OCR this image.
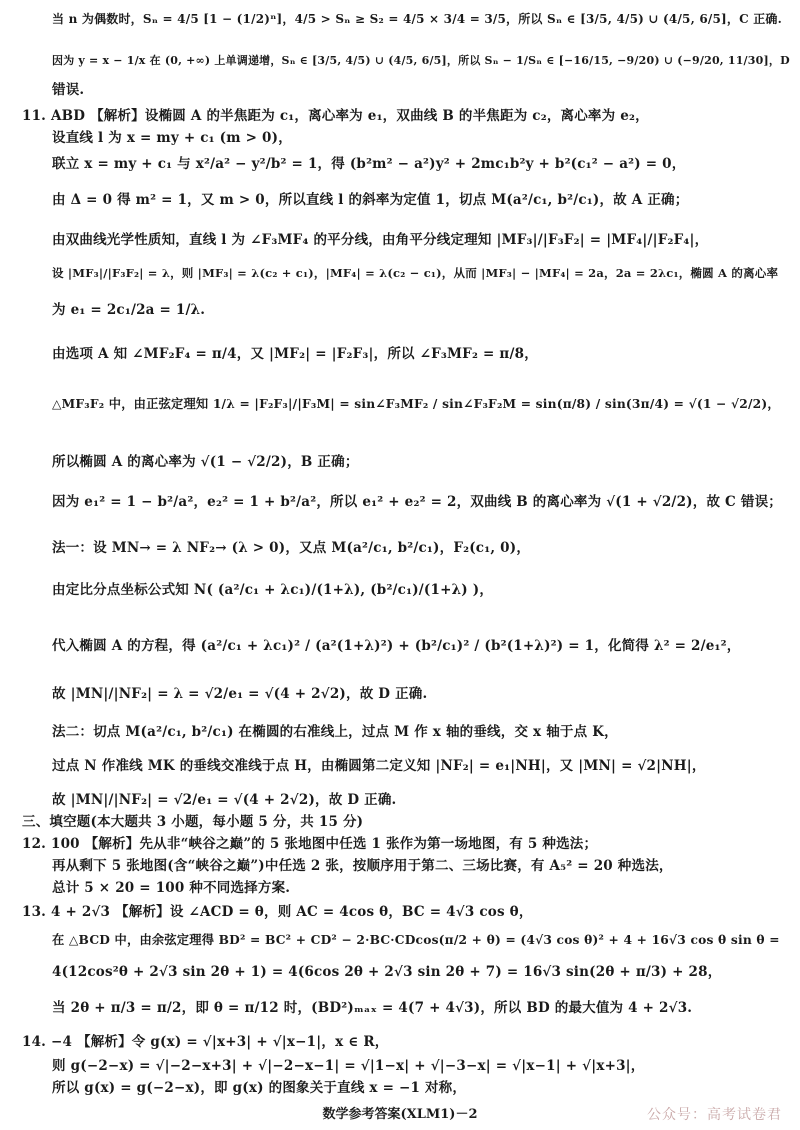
当 n 为偶数时，Sₙ = 4/5 [1 − (1/2)ⁿ]，4/5 > Sₙ ≥ S₂ = 4/5 × 3/4 = 3/5，所以 Sₙ ∈ [3/5, 4/5) ∪ (4/5, 6/5]，C 正确.
因为 y = x − 1/x 在 (0, +∞) 上单调递增，Sₙ ∈ [3/5, 4/5) ∪ (4/5, 6/5]，所以 Sₙ − 1/Sₙ ∈ [−16/15, −9/20) ∪ (−9/20, 11/30]，D
错误.
11. ABD 【解析】设椭圆 A 的半焦距为 c₁，离心率为 e₁，双曲线 B 的半焦距为 c₂，离心率为 e₂，
设直线 l 为 x = my + c₁ (m > 0)，
联立 x = my + c₁ 与 x²/a² − y²/b² = 1，得 (b²m² − a²)y² + 2mc₁b²y + b²(c₁² − a²) = 0，
由 Δ = 0 得 m² = 1，又 m > 0，所以直线 l 的斜率为定值 1，切点 M(a²/c₁, b²/c₁)，故 A 正确；
由双曲线光学性质知，直线 l 为 ∠F₃MF₄ 的平分线，由角平分线定理知 |MF₃|/|F₃F₂| = |MF₄|/|F₂F₄|，
设 |MF₃|/|F₃F₂| = λ，则 |MF₃| = λ(c₂ + c₁)，|MF₄| = λ(c₂ − c₁)，从而 |MF₃| − |MF₄| = 2a，2a = 2λc₁，椭圆 A 的离心率
为 e₁ = 2c₁/2a = 1/λ.
由选项 A 知 ∠MF₂F₄ = π/4，又 |MF₂| = |F₂F₃|，所以 ∠F₃MF₂ = π/8，
△MF₃F₂ 中，由正弦定理知 1/λ = |F₂F₃|/|F₃M| = sin∠F₃MF₂ / sin∠F₃F₂M = sin(π/8) / sin(3π/4) = √(1 − √2/2)，
所以椭圆 A 的离心率为 √(1 − √2/2)，B 正确；
因为 e₁² = 1 − b²/a²，e₂² = 1 + b²/a²，所以 e₁² + e₂² = 2，双曲线 B 的离心率为 √(1 + √2/2)，故 C 错误；
法一：设 MN→ = λ NF₂→ (λ > 0)，又点 M(a²/c₁, b²/c₁)，F₂(c₁, 0)，
由定比分点坐标公式知 N( (a²/c₁ + λc₁)/(1+λ), (b²/c₁)/(1+λ) )，
代入椭圆 A 的方程，得 (a²/c₁ + λc₁)² / (a²(1+λ)²) + (b²/c₁)² / (b²(1+λ)²) = 1，化简得 λ² = 2/e₁²，
故 |MN|/|NF₂| = λ = √2/e₁ = √(4 + 2√2)，故 D 正确.
法二：切点 M(a²/c₁, b²/c₁) 在椭圆的右准线上，过点 M 作 x 轴的垂线，交 x 轴于点 K，
过点 N 作准线 MK 的垂线交准线于点 H，由椭圆第二定义知 |NF₂| = e₁|NH|，又 |MN| = √2|NH|，
故 |MN|/|NF₂| = √2/e₁ = √(4 + 2√2)，故 D 正确.
三、填空题(本大题共 3 小题，每小题 5 分，共 15 分)
12. 100 【解析】先从非“峡谷之巅”的 5 张地图中任选 1 张作为第一场地图，有 5 种选法；
再从剩下 5 张地图(含“峡谷之巅”)中任选 2 张，按顺序用于第二、三场比赛，有 A₅² = 20 种选法，
总计 5 × 20 = 100 种不同选择方案.
13. 4 + 2√3 【解析】设 ∠ACD = θ，则 AC = 4cos θ，BC = 4√3 cos θ，
在 △BCD 中，由余弦定理得 BD² = BC² + CD² − 2·BC·CDcos(π/2 + θ) = (4√3 cos θ)² + 4 + 16√3 cos θ sin θ =
4(12cos²θ + 2√3 sin 2θ + 1) = 4(6cos 2θ + 2√3 sin 2θ + 7) = 16√3 sin(2θ + π/3) + 28，
当 2θ + π/3 = π/2，即 θ = π/12 时，(BD²)ₘₐₓ = 4(7 + 4√3)，所以 BD 的最大值为 4 + 2√3.
14. −4 【解析】令 g(x) = √|x+3| + √|x−1|，x ∈ R，
则 g(−2−x) = √|−2−x+3| + √|−2−x−1| = √|1−x| + √|−3−x| = √|x−1| + √|x+3|，
所以 g(x) = g(−2−x)，即 g(x) 的图象关于直线 x = −1 对称，
数学参考答案(XLM1)－2	公众号：高考试卷君
